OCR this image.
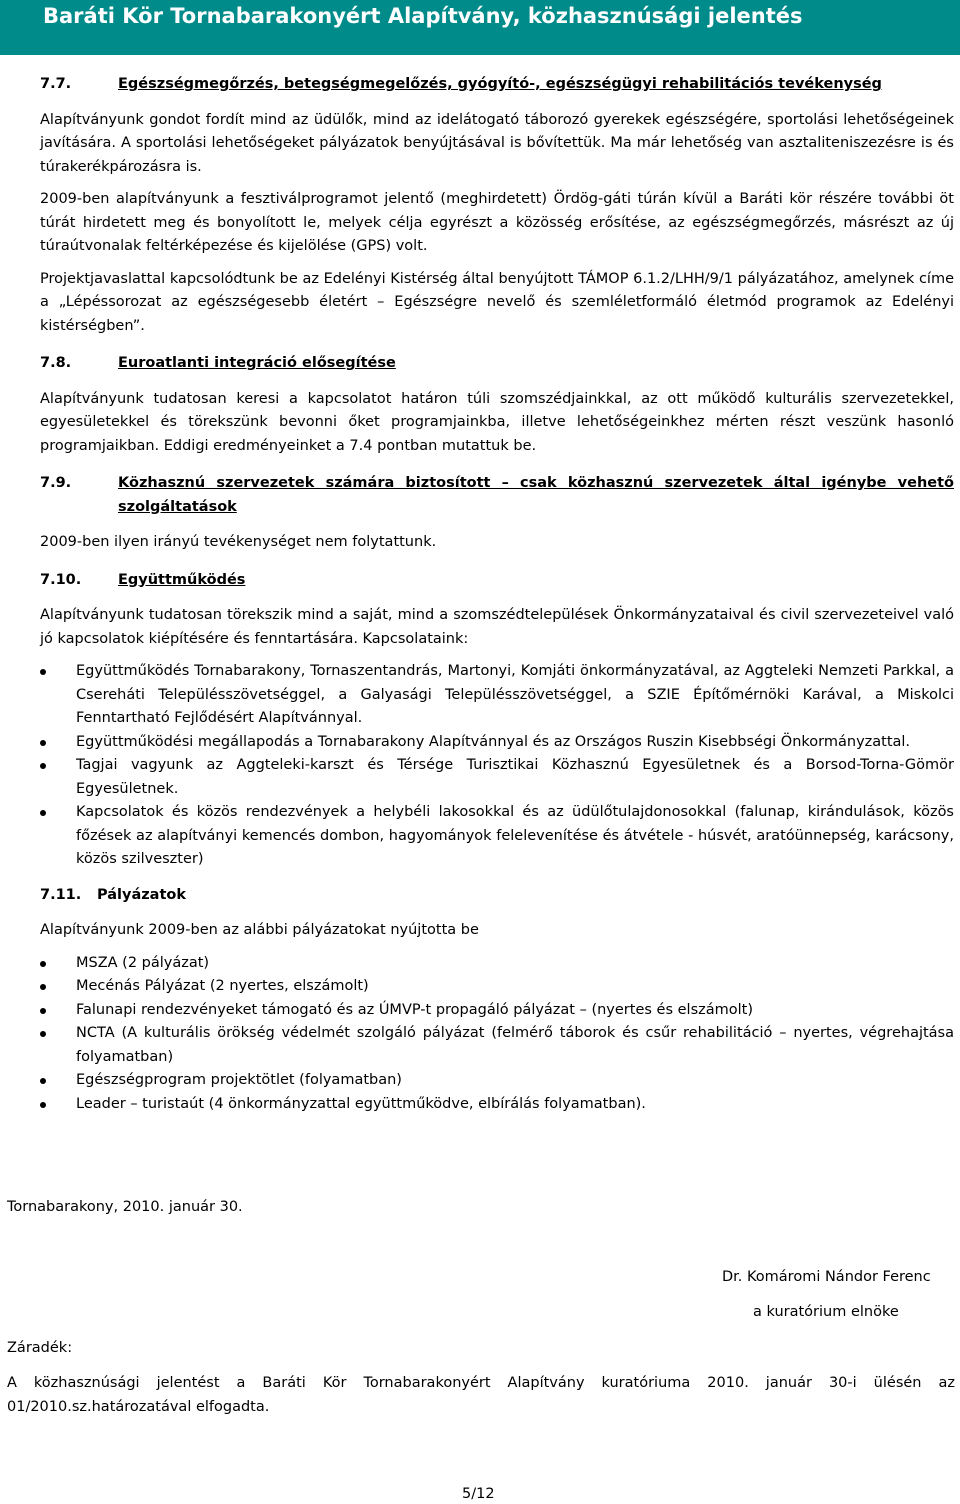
Baráti Kör Tornabarakonyért Alapítvány, közhasznúsági jelentés
7.7.	Egészségmegőrzés, betegségmegelőzés, gyógyító-, egészségügyi rehabilitációs tevékenység

Alapítványunk gondot fordít mind az üdülők, mind az idelátogató táborozó gyerekek egészségére, sportolási lehetőségeinek javítására. A sportolási lehetőségeket pályázatok benyújtásával is bővítettük. Ma már lehetőség van asztaliteniszezésre is és túrakerékpározásra is.

2009-ben alapítványunk a fesztiválprogramot jelentő (meghirdetett) Ördög-gáti túrán kívül a Baráti kör részére további öt túrát hirdetett meg és bonyolított le, melyek célja egyrészt a közösség erősítése, az egészségmegőrzés, másrészt az új túraútvonalak feltérképezése és kijelölése (GPS) volt.

Projektjavaslattal kapcsolódtunk be az Edelényi Kistérség által benyújtott TÁMOP 6.1.2/LHH/9/1 pályázatához, amelynek címe a „Lépéssorozat az egészségesebb életért – Egészségre nevelő és szemléletformáló életmód programok az Edelényi kistérségben”.

7.8.	Euroatlanti integráció elősegítése

Alapítványunk tudatosan keresi a kapcsolatot határon túli szomszédjainkkal, az ott működő kulturális szervezetekkel, egyesületekkel és törekszünk bevonni őket programjainkba, illetve lehetőségeinkhez mérten részt veszünk hasonló programjaikban. Eddigi eredményeinket a 7.4 pontban mutattuk be.

7.9.	Közhasznú szervezetek számára biztosított – csak közhasznú szervezetek által igénybe vehető szolgáltatások

2009-ben ilyen irányú tevékenységet nem folytattunk.

7.10.	Együttműködés

Alapítványunk tudatosan törekszik mind a saját, mind a szomszédtelepülések Önkormányzataival és civil szervezeteivel való jó kapcsolatok kiépítésére és fenntartására. Kapcsolataink:

Együttműködés Tornabarakony, Tornaszentandrás, Martonyi, Komjáti önkormányzatával, az Aggteleki Nemzeti Parkkal, a Csereháti Településszövetséggel, a Galyasági Településszövetséggel, a SZIE Építőmérnöki Karával, a Miskolci Fenntartható Fejlődésért Alapítvánnyal.
Együttműködési megállapodás a Tornabarakony Alapítvánnyal és az Országos Ruszin Kisebbségi Önkormányzattal.
Tagjai vagyunk az Aggteleki-karszt és Térsége Turisztikai Közhasznú Egyesületnek és a Borsod-Torna-Gömör Egyesületnek.
Kapcsolatok és közös rendezvények a helybéli lakosokkal és az üdülőtulajdonosokkal (falunap, kirándulások, közös főzések az alapítványi kemencés dombon, hagyományok felelevenítése és átvétele - húsvét, aratóünnepség, karácsony, közös szilveszter)
7.11.	Pályázatok

Alapítványunk 2009-ben az alábbi pályázatokat nyújtotta be

MSZA (2 pályázat)
Mecénás Pályázat (2 nyertes, elszámolt)
Falunapi rendezvényeket támogató és az ÚMVP-t propagáló pályázat – (nyertes és elszámolt)
NCTA (A kulturális örökség védelmét szolgáló pályázat (felmérő táborok és csűr rehabilitáció – nyertes, végrehajtása folyamatban)
Egészségprogram projektötlet (folyamatban)
Leader – turistaút (4 önkormányzattal együttműködve, elbírálás folyamatban).
Tornabarakony, 2010. január 30.
Dr. Komáromi Nándor Ferenc
a kuratórium elnöke
Záradék:
A közhasznúsági jelentést a Baráti Kör Tornabarakonyért Alapítvány kuratóriuma 2010. január 30-i ülésén az 01/2010.sz.határozatával elfogadta.
5/12
